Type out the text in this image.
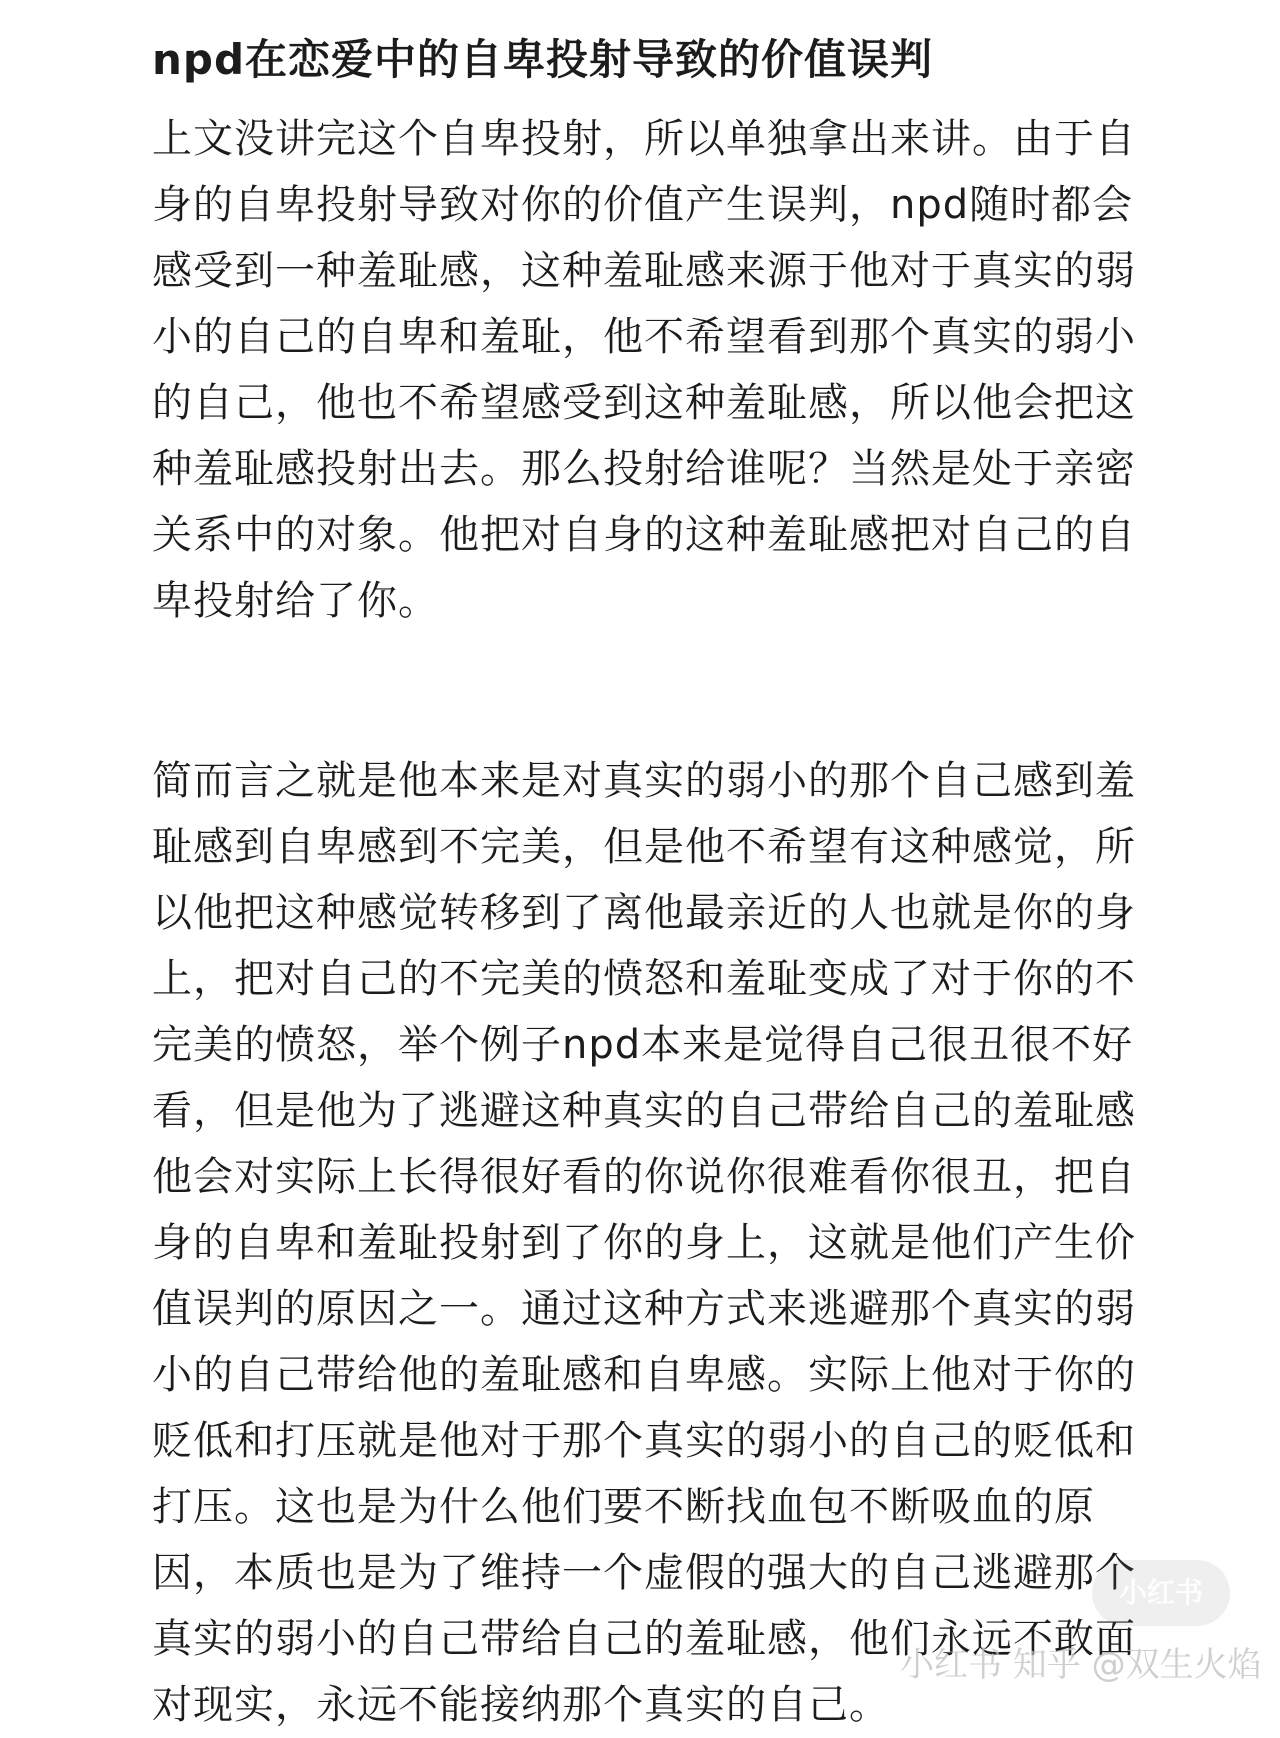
npd在恋爱中的自卑投射导致的价值误判

上文没讲完这个自卑投射，所以单独拿出来讲。由于自
身的自卑投射导致对你的价值产生误判，npd随时都会
感受到一种羞耻感，这种羞耻感来源于他对于真实的弱
小的自己的自卑和羞耻，他不希望看到那个真实的弱小
的自己，他也不希望感受到这种羞耻感，所以他会把这
种羞耻感投射出去。那么投射给谁呢？当然是处于亲密
关系中的对象。他把对自身的这种羞耻感把对自己的自
卑投射给了你。

简而言之就是他本来是对真实的弱小的那个自己感到羞
耻感到自卑感到不完美，但是他不希望有这种感觉，所
以他把这种感觉转移到了离他最亲近的人也就是你的身
上，把对自己的不完美的愤怒和羞耻变成了对于你的不
完美的愤怒，举个例子npd本来是觉得自己很丑很不好
看，但是他为了逃避这种真实的自己带给自己的羞耻感
他会对实际上长得很好看的你说你很难看你很丑，把自
身的自卑和羞耻投射到了你的身上，这就是他们产生价
值误判的原因之一。通过这种方式来逃避那个真实的弱
小的自己带给他的羞耻感和自卑感。实际上他对于你的
贬低和打压就是他对于那个真实的弱小的自己的贬低和
打压。这也是为什么他们要不断找血包不断吸血的原
因，本质也是为了维持一个虚假的强大的自己逃避那个
真实的弱小的自己带给自己的羞耻感，他们永远不敢面
对现实，永远不能接纳那个真实的自己。

小红书
小红书 知乎 @双生火焰
